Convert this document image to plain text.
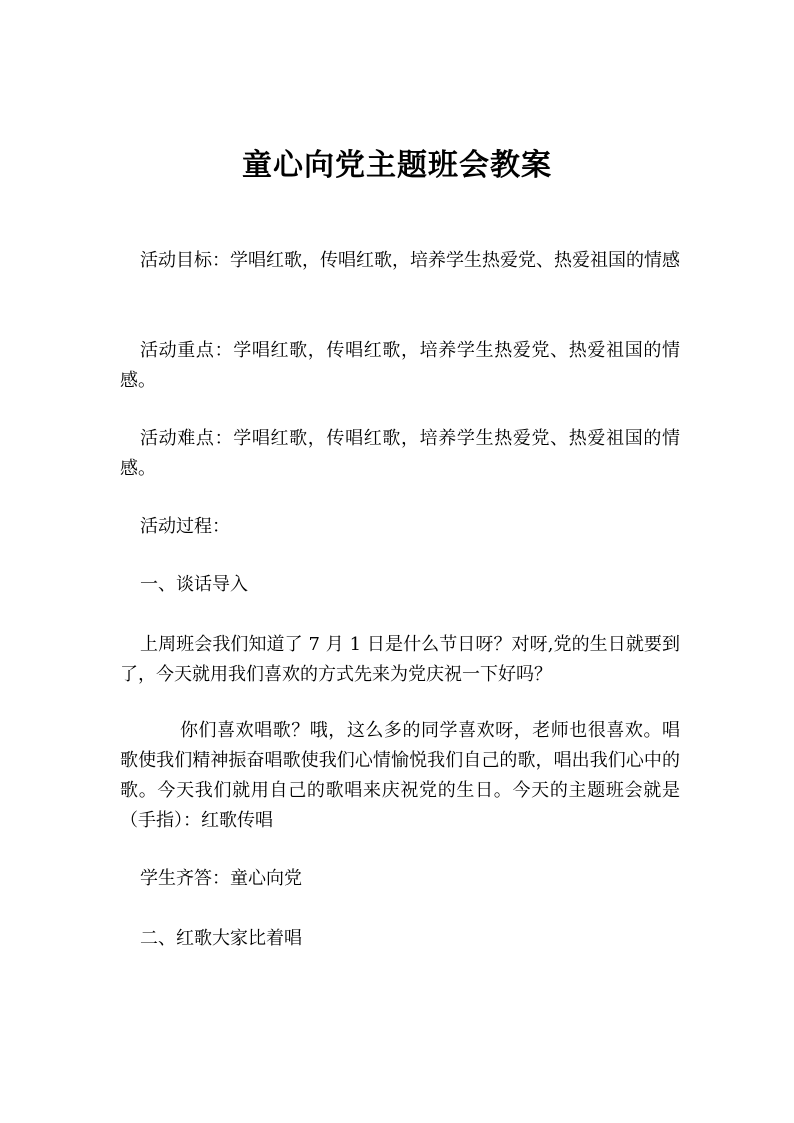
童心向党主题班会教案
活动目标：学唱红歌，传唱红歌，培养学生热爱党、热爱祖国的情感
活动重点：学唱红歌，传唱红歌，培养学生热爱党、热爱祖国的情感。
活动难点：学唱红歌，传唱红歌，培养学生热爱党、热爱祖国的情感。
活动过程：
一、谈话导入
上周班会我们知道了 7 月 1 日是什么节日呀？对呀,党的生日就要到了，今天就用我们喜欢的方式先来为党庆祝一下好吗？
你们喜欢唱歌？哦，这么多的同学喜欢呀，老师也很喜欢。唱歌使我们精神振奋唱歌使我们心情愉悦我们自己的歌，唱出我们心中的歌。今天我们就用自己的歌唱来庆祝党的生日。今天的主题班会就是（手指）：红歌传唱
学生齐答：童心向党
二、红歌大家比着唱
